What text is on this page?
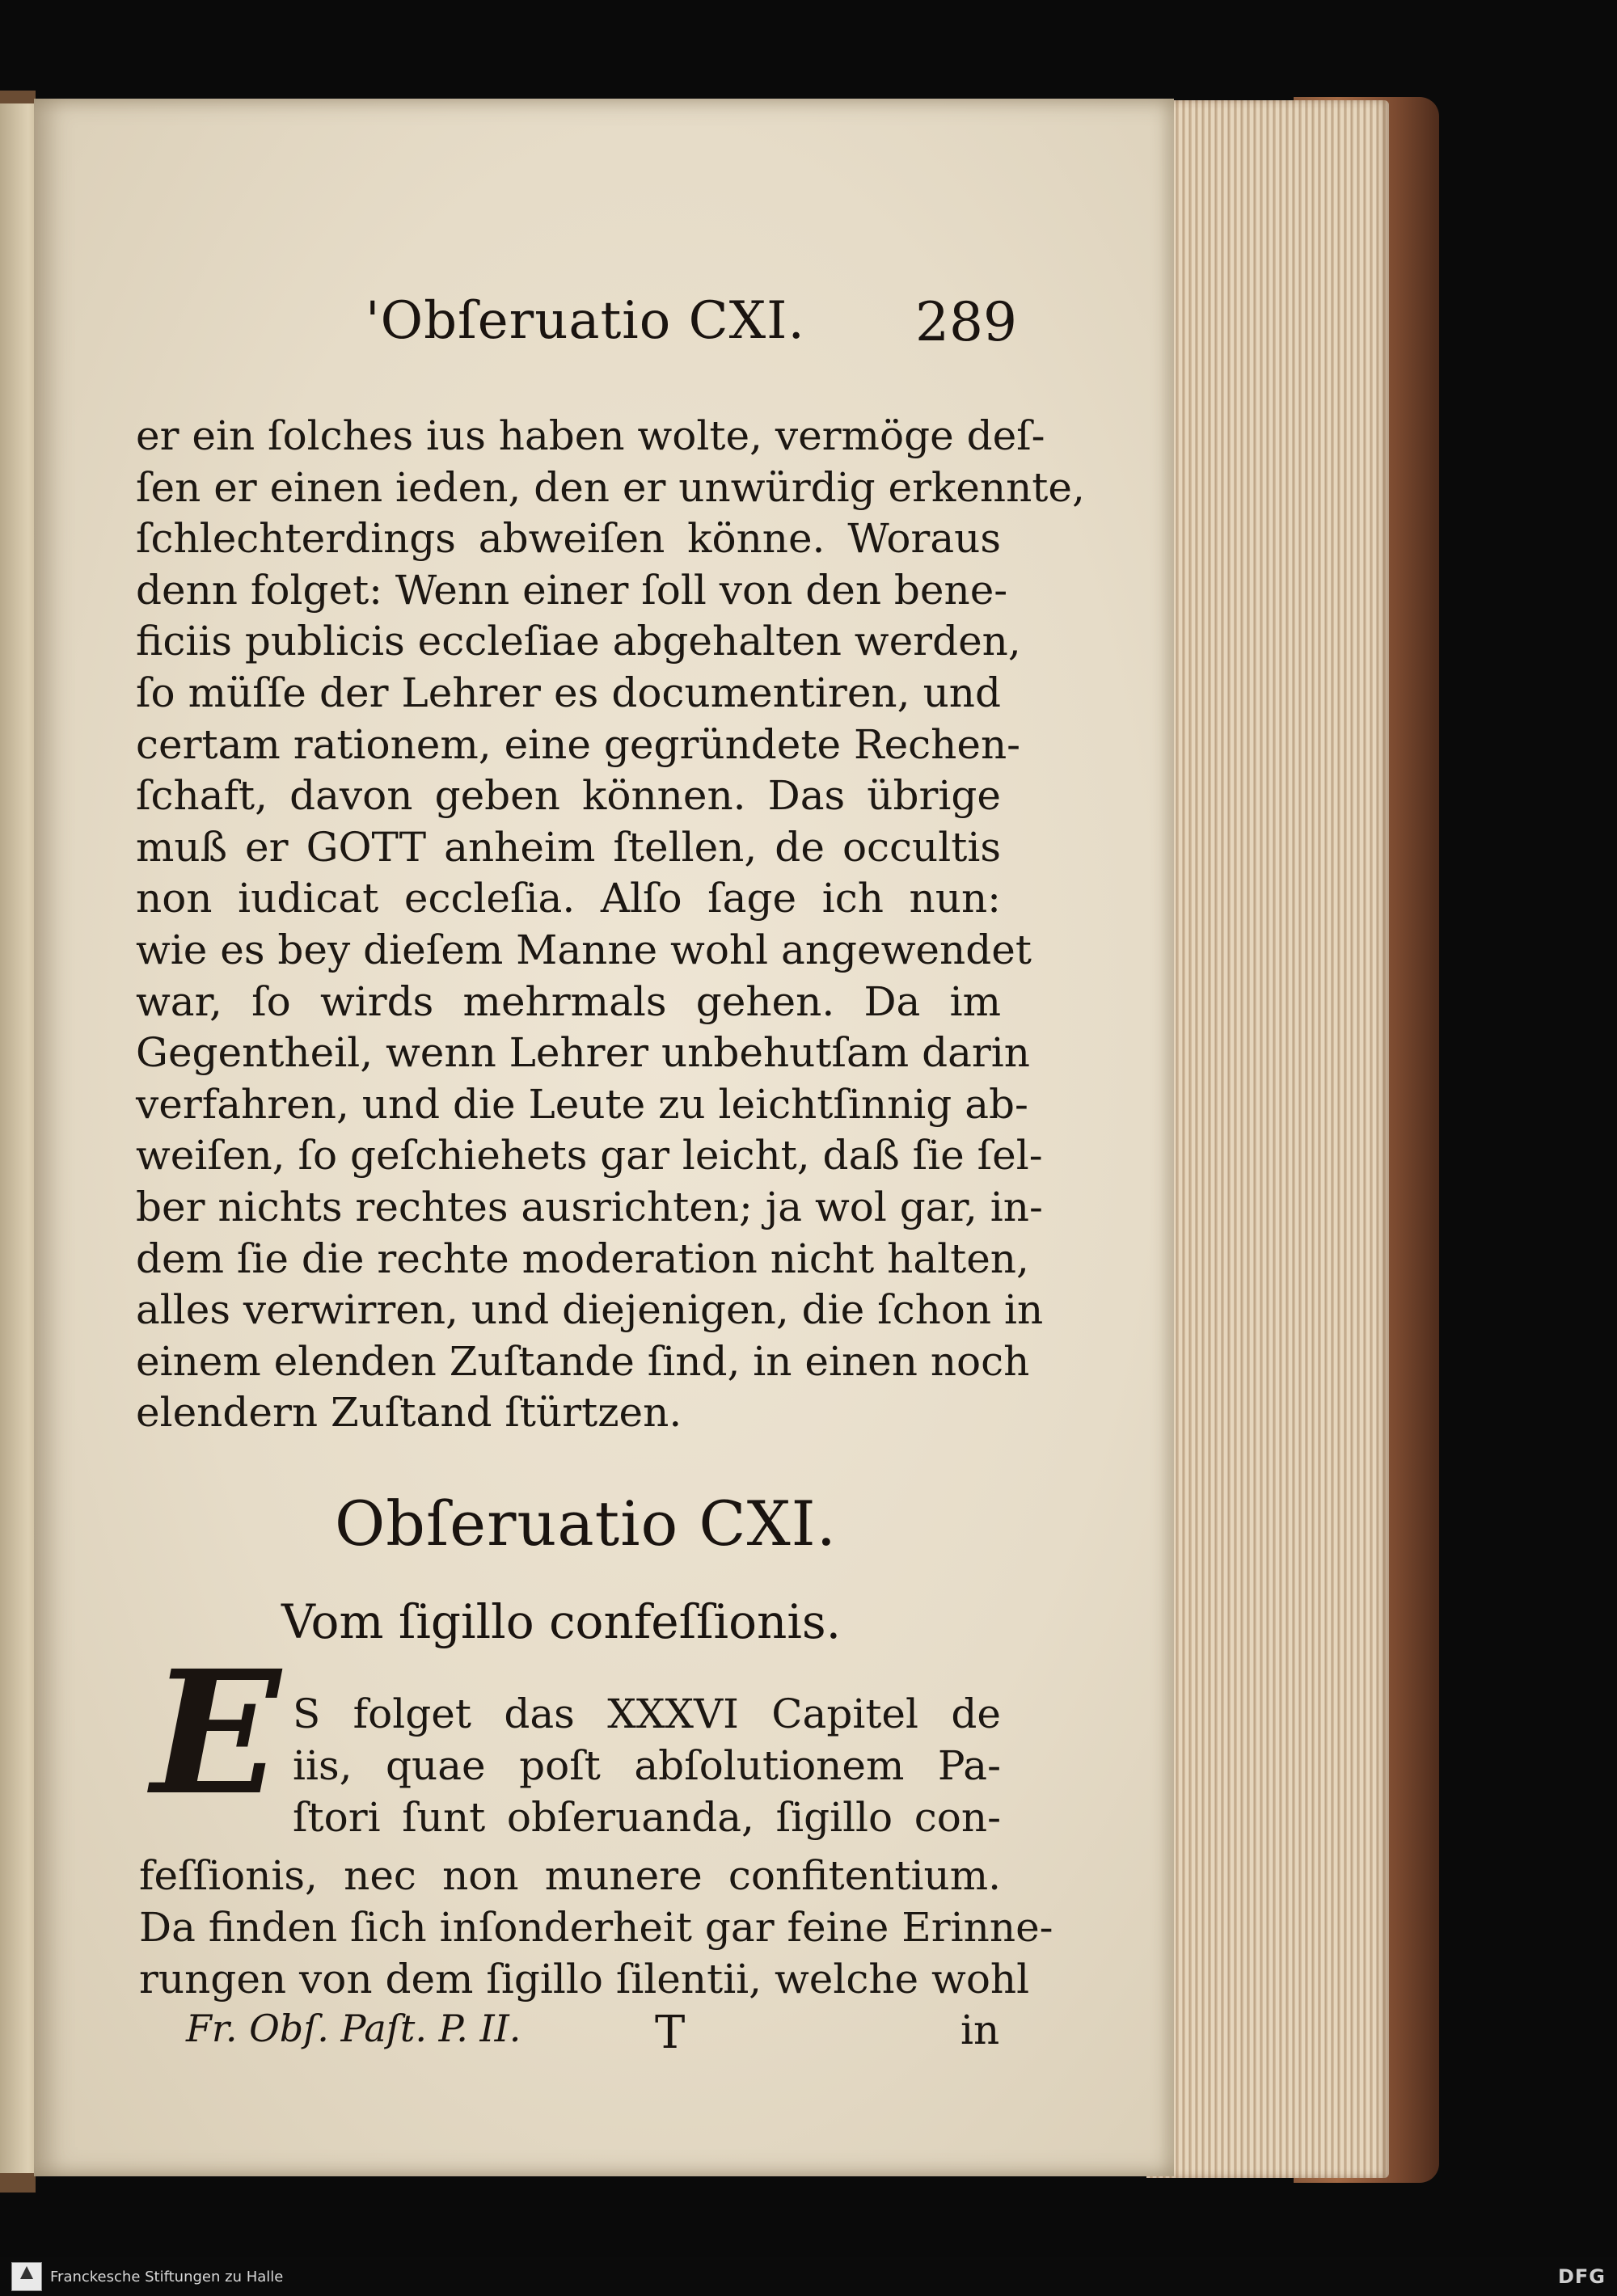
'Obſeruatio CXI. 289
er ein ſolches ius haben wolte, vermöge deſ-
ſen er einen ieden, den er unwürdig erkennte,
ſchlechterdings abweiſen könne. Woraus
denn folget: Wenn einer ſoll von den bene-
ficiis publicis eccleſiae abgehalten werden,
ſo müſſe der Lehrer es documentiren, und
certam rationem, eine gegründete Rechen-
ſchaft, davon geben können. Das übrige
muß er GOTT anheim ſtellen, de occultis
non iudicat eccleſia. Alſo ſage ich nun:
wie es bey dieſem Manne wohl angewendet
war, ſo wirds mehrmals gehen. Da im
Gegentheil, wenn Lehrer unbehutſam darin
verfahren, und die Leute zu leichtſinnig ab-
weiſen, ſo geſchiehets gar leicht, daß ſie ſel-
ber nichts rechtes ausrichten; ja wol gar, in-
dem ſie die rechte moderation nicht halten,
alles verwirren, und diejenigen, die ſchon in
einem elenden Zuſtande ſind, in einen noch
elendern Zuſtand ſtürtzen.
Obſeruatio CXI.
Vom ſigillo confeſſionis.
E S folget das XXXVI Capitel de
iis, quae poſt abſolutionem Pa-
ſtori ſunt obſeruanda, ſigillo con-
feſſionis, nec non munere confitentium.
Da finden ſich inſonderheit gar feine Erinne-
rungen von dem ſigillo ſilentii, welche wohl
Fr. Obſ. Paſt. P. II.	T	in
Franckesche Stiftungen zu Halle	DFG
